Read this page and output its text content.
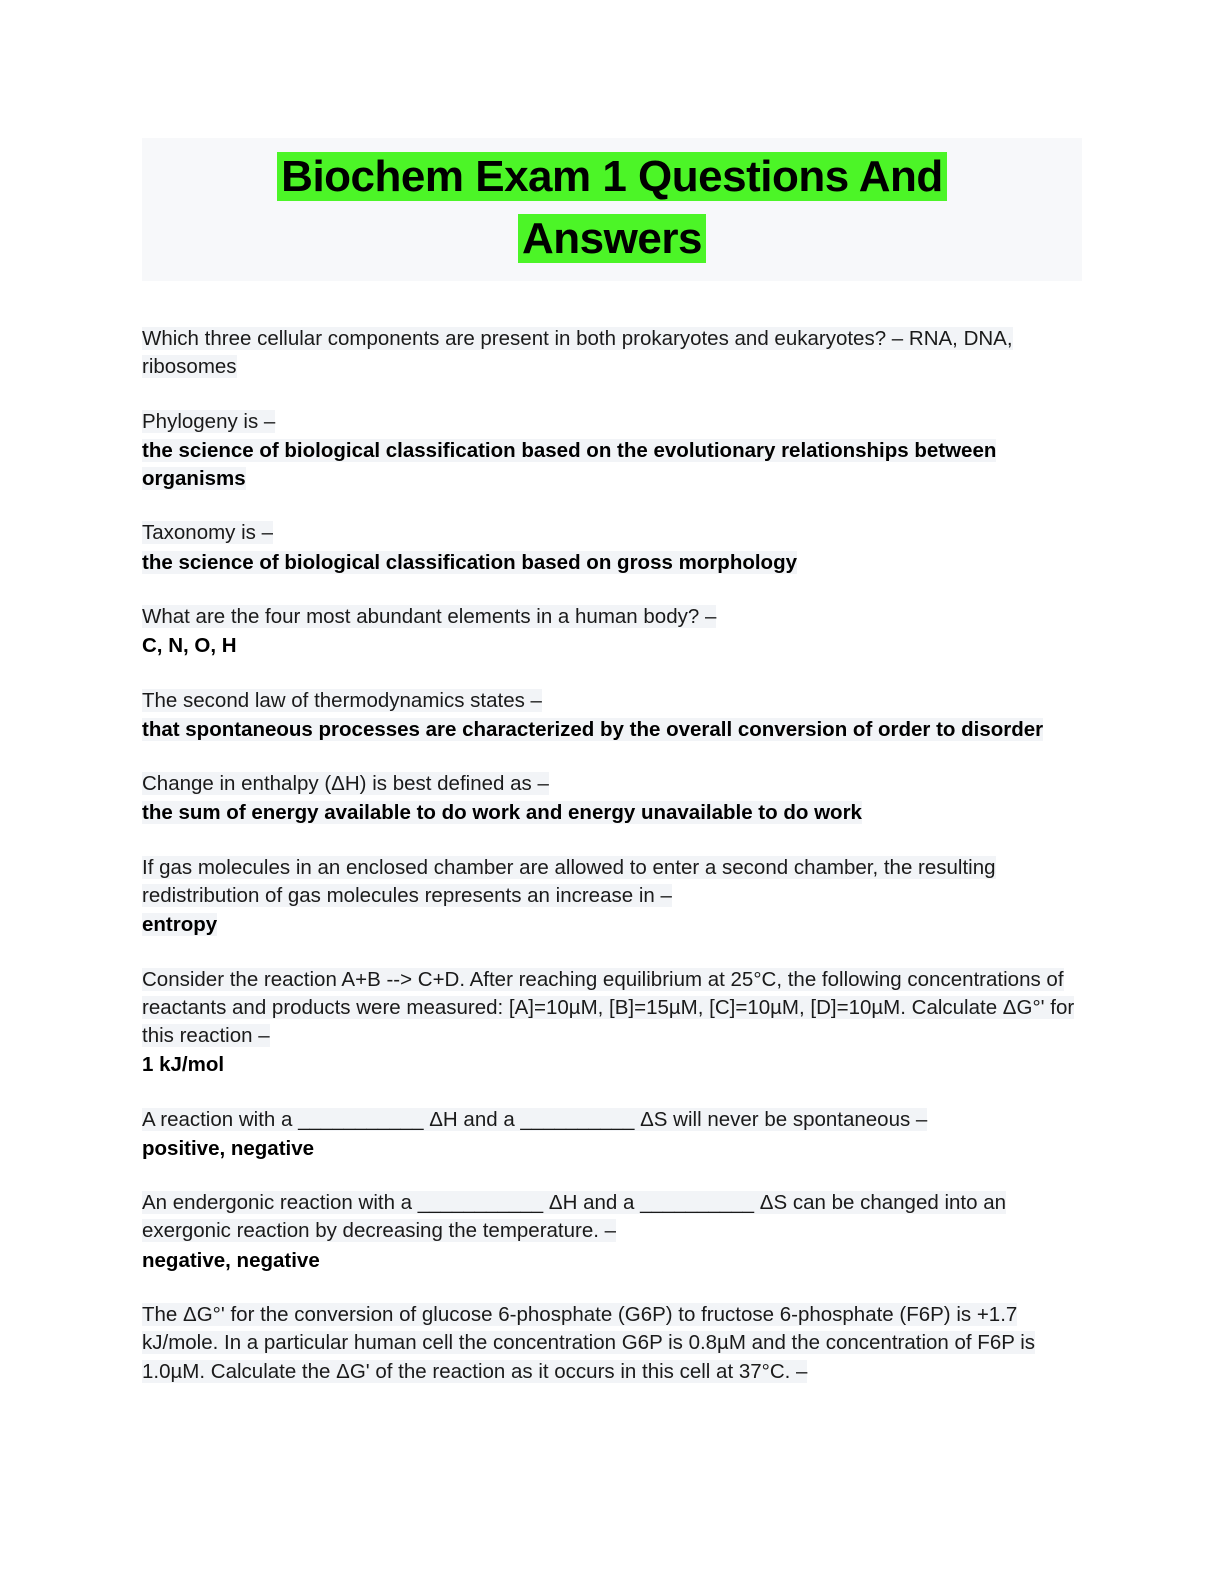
Biochem Exam 1 Questions And
Answers
Which three cellular components are present in both prokaryotes and eukaryotes? – RNA, DNA, ribosomes
Phylogeny is –
the science of biological classification based on the evolutionary relationships between organisms
Taxonomy is –
the science of biological classification based on gross morphology
What are the four most abundant elements in a human body? –
C, N, O, H
The second law of thermodynamics states –
that spontaneous processes are characterized by the overall conversion of order to disorder
Change in enthalpy (ΔH) is best defined as –
the sum of energy available to do work and energy unavailable to do work
If gas molecules in an enclosed chamber are allowed to enter a second chamber, the resulting redistribution of gas molecules represents an increase in –
entropy
Consider the reaction A+B --> C+D. After reaching equilibrium at 25°C, the following concentrations of reactants and products were measured: [A]=10µM, [B]=15µM, [C]=10µM, [D]=10µM. Calculate ΔG°' for this reaction –
1 kJ/mol
A reaction with a ___________ ΔH and a __________ ΔS will never be spontaneous –
positive, negative
An endergonic reaction with a ___________ ΔH and a __________ ΔS can be changed into an exergonic reaction by decreasing the temperature. –
negative, negative
The ΔG°' for the conversion of glucose 6-phosphate (G6P) to fructose 6-phosphate (F6P) is +1.7 kJ/mole. In a particular human cell the concentration G6P is 0.8µM and the concentration of F6P is 1.0µM. Calculate the ΔG' of the reaction as it occurs in this cell at 37°C. –
